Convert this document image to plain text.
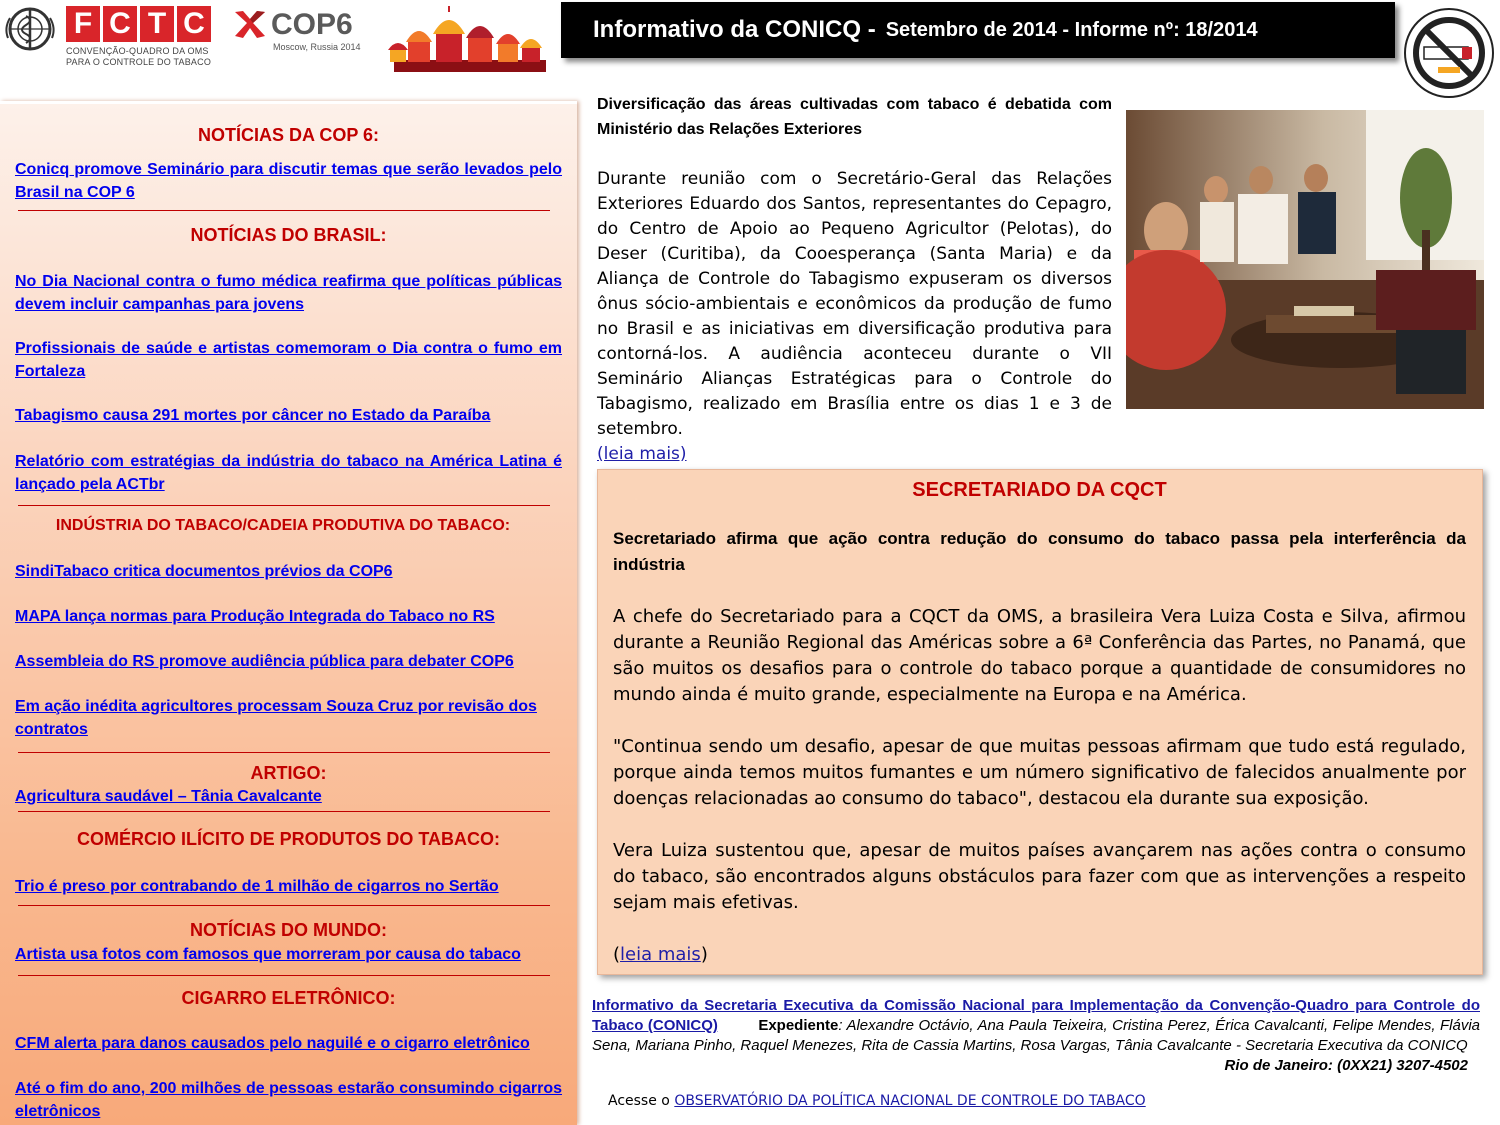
F C T C
CONVENÇÃO-QUADRO DA OMS
PARA O CONTROLE DO TABACO
COP6
Moscow, Russia 2014
Informativo da CONICQ - Setembro de 2014 - Informe nº: 18/2014
NOTÍCIAS DA COP 6:
Conicq promove Seminário para discutir temas que serão levados pelo Brasil na COP 6
NOTÍCIAS DO BRASIL:
No Dia Nacional contra o fumo médica reafirma que políticas públicas devem incluir campanhas para jovens
Profissionais de saúde e artistas comemoram o Dia contra o fumo em Fortaleza
Tabagismo causa 291 mortes por câncer no Estado da Paraíba
Relatório com estratégias da indústria do tabaco na América Latina é lançado pela ACTbr
INDÚSTRIA DO TABACO/CADEIA PRODUTIVA DO TABACO:
SindiTabaco critica documentos prévios da COP6
MAPA lança normas para Produção Integrada do Tabaco no RS
Assembleia do RS promove audiência pública para debater COP6
Em ação inédita agricultores processam Souza Cruz por revisão dos contratos
ARTIGO:
Agricultura saudável – Tânia Cavalcante
COMÉRCIO ILÍCITO DE PRODUTOS DO TABACO:
Trio é preso por contrabando de 1 milhão de cigarros no Sertão
NOTÍCIAS DO MUNDO:
Artista usa fotos com famosos que morreram por causa do tabaco
CIGARRO ELETRÔNICO:
CFM alerta para danos causados pelo naguilé e o cigarro eletrônico
Até o fim do ano, 200 milhões de pessoas estarão consumindo cigarros eletrônicos
Diversificação das áreas cultivadas com tabaco é debatida com Ministério das Relações Exteriores
Durante reunião com o Secretário-Geral das Relações Exteriores Eduardo dos Santos, representantes do Cepagro, do Centro de Apoio ao Pequeno Agricultor (Pelotas), do Deser (Curitiba), da Cooesperança (Santa Maria) e da Aliança de Controle do Tabagismo expuseram os diversos ônus sócio-ambientais e econômicos da produção de fumo no Brasil e as iniciativas em diversificação produtiva para contorná-los. A audiência aconteceu durante o VII Seminário Alianças Estratégicas para o Controle do Tabagismo, realizado em Brasília entre os dias 1 e 3 de setembro.
(leia mais)
SECRETARIADO DA CQCT
Secretariado afirma que ação contra redução do consumo do tabaco passa pela interferência da indústria

A chefe do Secretariado para a CQCT da OMS, a brasileira Vera Luiza Costa e Silva, afirmou durante a Reunião Regional das Américas sobre a 6ª Conferência das Partes, no Panamá, que são muitos os desafios para o controle do tabaco porque a quantidade de consumidores no mundo ainda é muito grande, especialmente na Europa e na América.

"Continua sendo um desafio, apesar de que muitas pessoas afirmam que tudo está regulado, porque ainda temos muitos fumantes e um número significativo de falecidos anualmente por doenças relacionadas ao consumo do tabaco", destacou ela durante sua exposição.

Vera Luiza sustentou que, apesar de muitos países avançarem nas ações contra o consumo do tabaco, são encontrados alguns obstáculos para fazer com que as intervenções a respeito sejam mais efetivas.

(leia mais)
Informativo da Secretaria Executiva da Comissão Nacional para Implementação da Convenção-Quadro para Controle do Tabaco (CONICQ)	Expediente: Alexandre Octávio, Ana Paula Teixeira, Cristina Perez, Érica Cavalcanti, Felipe Mendes, Flávia Sena, Mariana Pinho, Raquel Menezes, Rita de Cassia Martins, Rosa Vargas, Tânia Cavalcante - Secretaria Executiva da CONICQ
Rio de Janeiro: (0XX21) 3207-4502
Acesse o OBSERVATÓRIO DA POLÍTICA NACIONAL DE CONTROLE DO TABACO
